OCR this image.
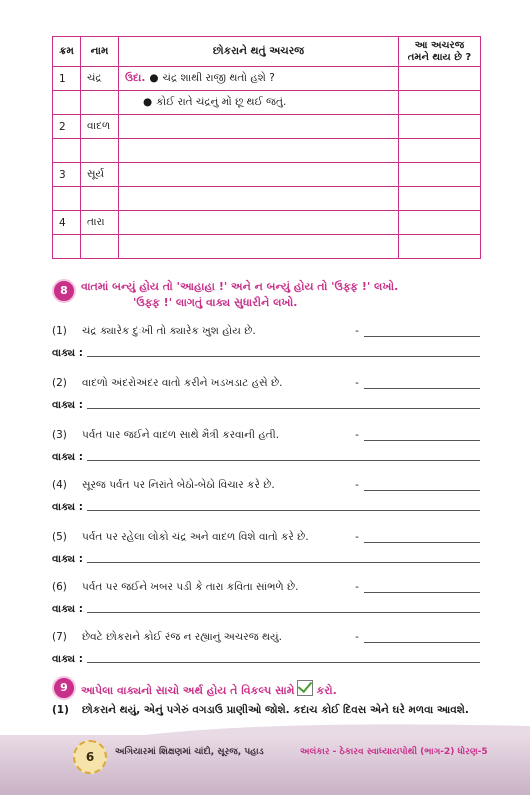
ક્રમ	નામ	છોકરાને થતું અચરજ	આ અચરજ તમને થાય છે ?
1	ચંદ્ર	ઉદા. ● ચંદ્ર શાથી રાજી થતો હશે ?	
		● કોઈ રાતે ચંદ્રનું મોં છૂ થઈ જતું.	
2	વાદળ		

3	સૂર્ય		

4	તારા		

8	વાતમાં બન્યું હોય તો 'આહાહા !' અને ન બન્યું હોય તો 'ઉફ્ફ !' લખો.
'ઉફ્ફ !' લાગતું વાક્ય સુધારીને લખો.
(1)	ચંદ્ર ક્યારેક દુઃખી તો ક્યારેક ખુશ હોય છે.	-
વાક્ય :
(2)	વાદળો અંદરોઅંદર વાતો કરીને ખડખડાટ હસે છે.	-
વાક્ય :
(3)	પર્વત પાર જઈને વાદળ સાથે મૈત્રી કરવાની હતી.	-
વાક્ય :
(4)	સૂરજ પર્વત પર નિરાંતે બેઠો-બેઠો વિચાર કરે છે.	-
વાક્ય :
(5)	પર્વત પર રહેલા લોકો ચંદ્ર અને વાદળ વિશે વાતો કરે છે.	-
વાક્ય :
(6)	પર્વત પર જઈને ખબર પડી કે તારા કવિતા સાંભળે છે.	-
વાક્ય :
(7)	છેવટે છોકરાને કોઈ રંજ ન રહ્યાનું અચરજ થયું.	-
વાક્ય :
9	આપેલા વાક્યનો સાચો અર્થ હોય તે વિકલ્પ સામે કરો.
(1)	છોકરાને થયું, એનું પગેરું વગડાઉ પ્રાણીઓ જોશે. કદાચ કોઈ દિવસ એને ઘરે મળવા આવશે.
6	અગિયારમાં શિક્ષણમાં ચાંદો, સૂરજ, પહાડ	અલંકાર - ઠેકારવ સ્વાધ્યાયપોથી (ભાગ-2) ધોરણ-5
